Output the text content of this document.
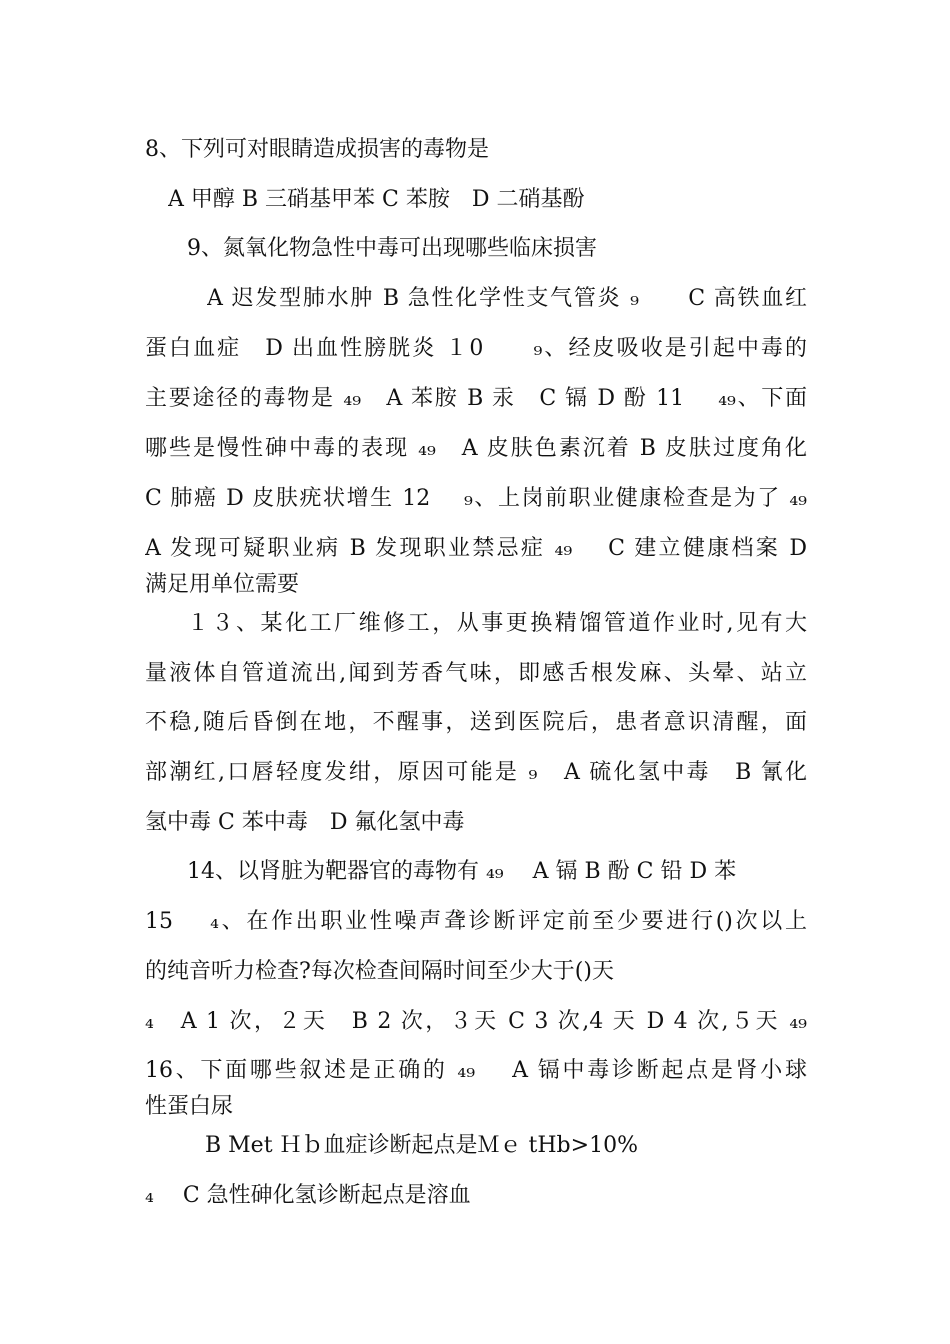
8、下列可对眼睛造成损害的毒物是
A 甲醇 B 三硝基甲苯 C 苯胺　D 二硝基酚
9、氮氧化物急性中毒可出现哪些临床损害
A 迟发型肺水肿 B 急性化学性支气管炎 ₉　　C 高铁血红
蛋白血症　D 出血性膀胱炎 １0　　₉、经皮吸收是引起中毒的
主要途径的毒物是 ₄₉　A 苯胺 B 汞　C 镉 D 酚 11　 ₄₉、下面
哪些是慢性砷中毒的表现 ₄₉　A 皮肤色素沉着 B 皮肤过度角化
C 肺癌 D 皮肤疣状增生 12　 ₉、上岗前职业健康检查是为了 ₄₉
A 发现可疑职业病 B 发现职业禁忌症 ₄₉　 C 建立健康档案 D
满足用单位需要
１３、某化工厂维修工，从事更换精馏管道作业时,见有大
量液体自管道流出,闻到芳香气味，即感舌根发麻、头晕、站立
不稳,随后昏倒在地，不醒事，送到医院后，患者意识清醒，面
部潮红,口唇轻度发绀，原因可能是 ₉　A 硫化氢中毒　B 氰化
氢中毒 C 苯中毒　D 氟化氢中毒
14、以肾脏为靶器官的毒物有 ₄₉　 A 镉 B 酚 C 铅 D 苯
15　 ₄、在作出职业性噪声聋诊断评定前至少要进行()次以上
的纯音听力检查?每次检查间隔时间至少大于()天
₄　A 1 次，２天　B 2 次，３天 C 3 次,4 天 D 4 次,５天 ₄₉
16、下面哪些叙述是正确的 ₄₉　 A 镉中毒诊断起点是肾小球
性蛋白尿
B Met Ｈｂ血症诊断起点是Ｍｅ tHb>10%
₄　 C 急性砷化氢诊断起点是溶血
